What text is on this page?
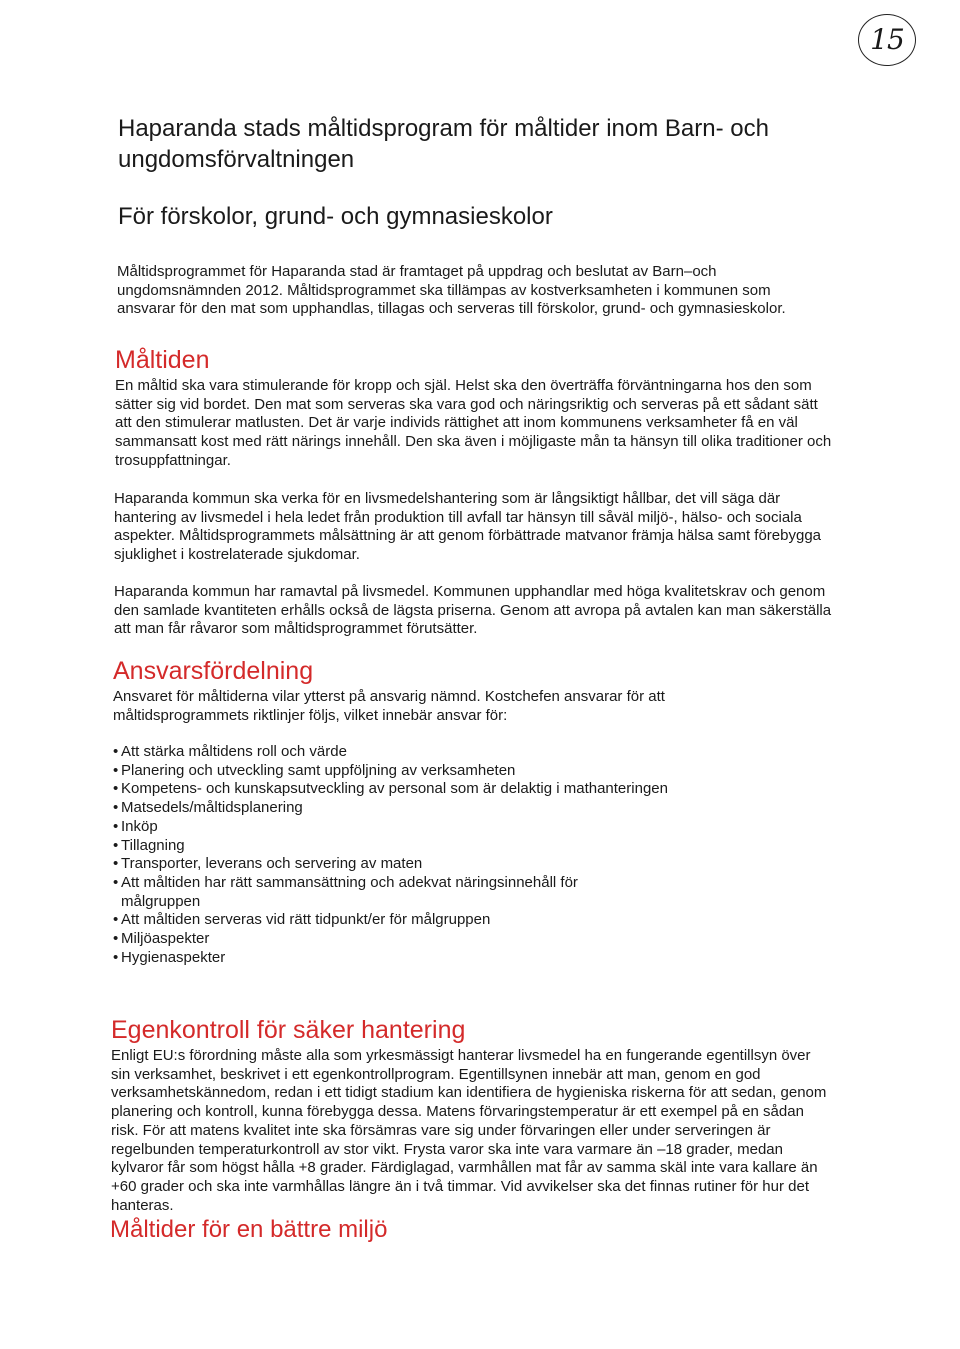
15
Haparanda stads måltidsprogram för måltider inom Barn- och ungdomsförvaltningen
För förskolor, grund- och gymnasieskolor

Måltidsprogrammet för Haparanda stad är framtaget på uppdrag och beslutat av Barn–och ungdomsnämnden 2012. Måltidsprogrammet ska tillämpas av kostverksamheten i kommunen som ansvarar för den mat som upphandlas, tillagas och serveras till förskolor, grund- och gymnasieskolor.

Måltiden

En måltid ska vara stimulerande för kropp och själ. Helst ska den överträffa förväntningarna hos den som sätter sig vid bordet. Den mat som serveras ska vara god och näringsriktig och serveras på ett sådant sätt att den stimulerar matlusten. Det är varje individs rättighet att inom kommunens verksamheter få en väl sammansatt kost med rätt närings innehåll. Den ska även i möjligaste mån ta hänsyn till olika traditioner och trosuppfattningar.

Haparanda kommun ska verka för en livsmedelshantering som är långsiktigt hållbar, det vill säga där hantering av livsmedel i hela ledet från produktion till avfall tar hänsyn till såväl miljö-, hälso- och sociala aspekter. Måltidsprogrammets målsättning är att genom förbättrade matvanor främja hälsa samt förebygga sjuklighet i kostrelaterade sjukdomar.

Haparanda kommun har ramavtal på livsmedel. Kommunen upphandlar med höga kvalitetskrav och genom den samlade kvantiteten erhålls också de lägsta priserna. Genom att avropa på avtalen kan man säkerställa att man får råvaror som måltidsprogrammet förutsätter.

Ansvarsfördelning

Ansvaret för måltiderna vilar ytterst på ansvarig nämnd. Kostchefen ansvarar för att måltidsprogrammets riktlinjer följs, vilket innebär ansvar för:

• Att stärka måltidens roll och värde
• Planering och utveckling samt uppföljning av verksamheten
• Kompetens- och kunskapsutveckling av personal som är delaktig i mathanteringen
• Matsedels/måltidsplanering
• Inköp
• Tillagning
• Transporter, leverans och servering av maten
• Att måltiden har rätt sammansättning och adekvat näringsinnehåll för målgruppen
• Att måltiden serveras vid rätt tidpunkt/er för målgruppen
• Miljöaspekter
• Hygienaspekter
Egenkontroll för säker hantering

Enligt EU:s förordning måste alla som yrkesmässigt hanterar livsmedel ha en fungerande egentillsyn över sin verksamhet, beskrivet i ett egenkontrollprogram. Egentillsynen innebär att man, genom en god verksamhetskännedom, redan i ett tidigt stadium kan identifiera de hygieniska riskerna för att sedan, genom planering och kontroll, kunna förebygga dessa. Matens förvaringstemperatur är ett exempel på en sådan risk. För att matens kvalitet inte ska försämras vare sig under förvaringen eller under serveringen är regelbunden temperaturkontroll av stor vikt. Frysta varor ska inte vara varmare än –18 grader, medan kylvaror får som högst hålla +8 grader. Färdiglagad, varmhållen mat får av samma skäl inte vara kallare än +60 grader och ska inte varmhållas längre än i två timmar. Vid avvikelser ska det finnas rutiner för hur det hanteras.

Måltider för en bättre miljö
